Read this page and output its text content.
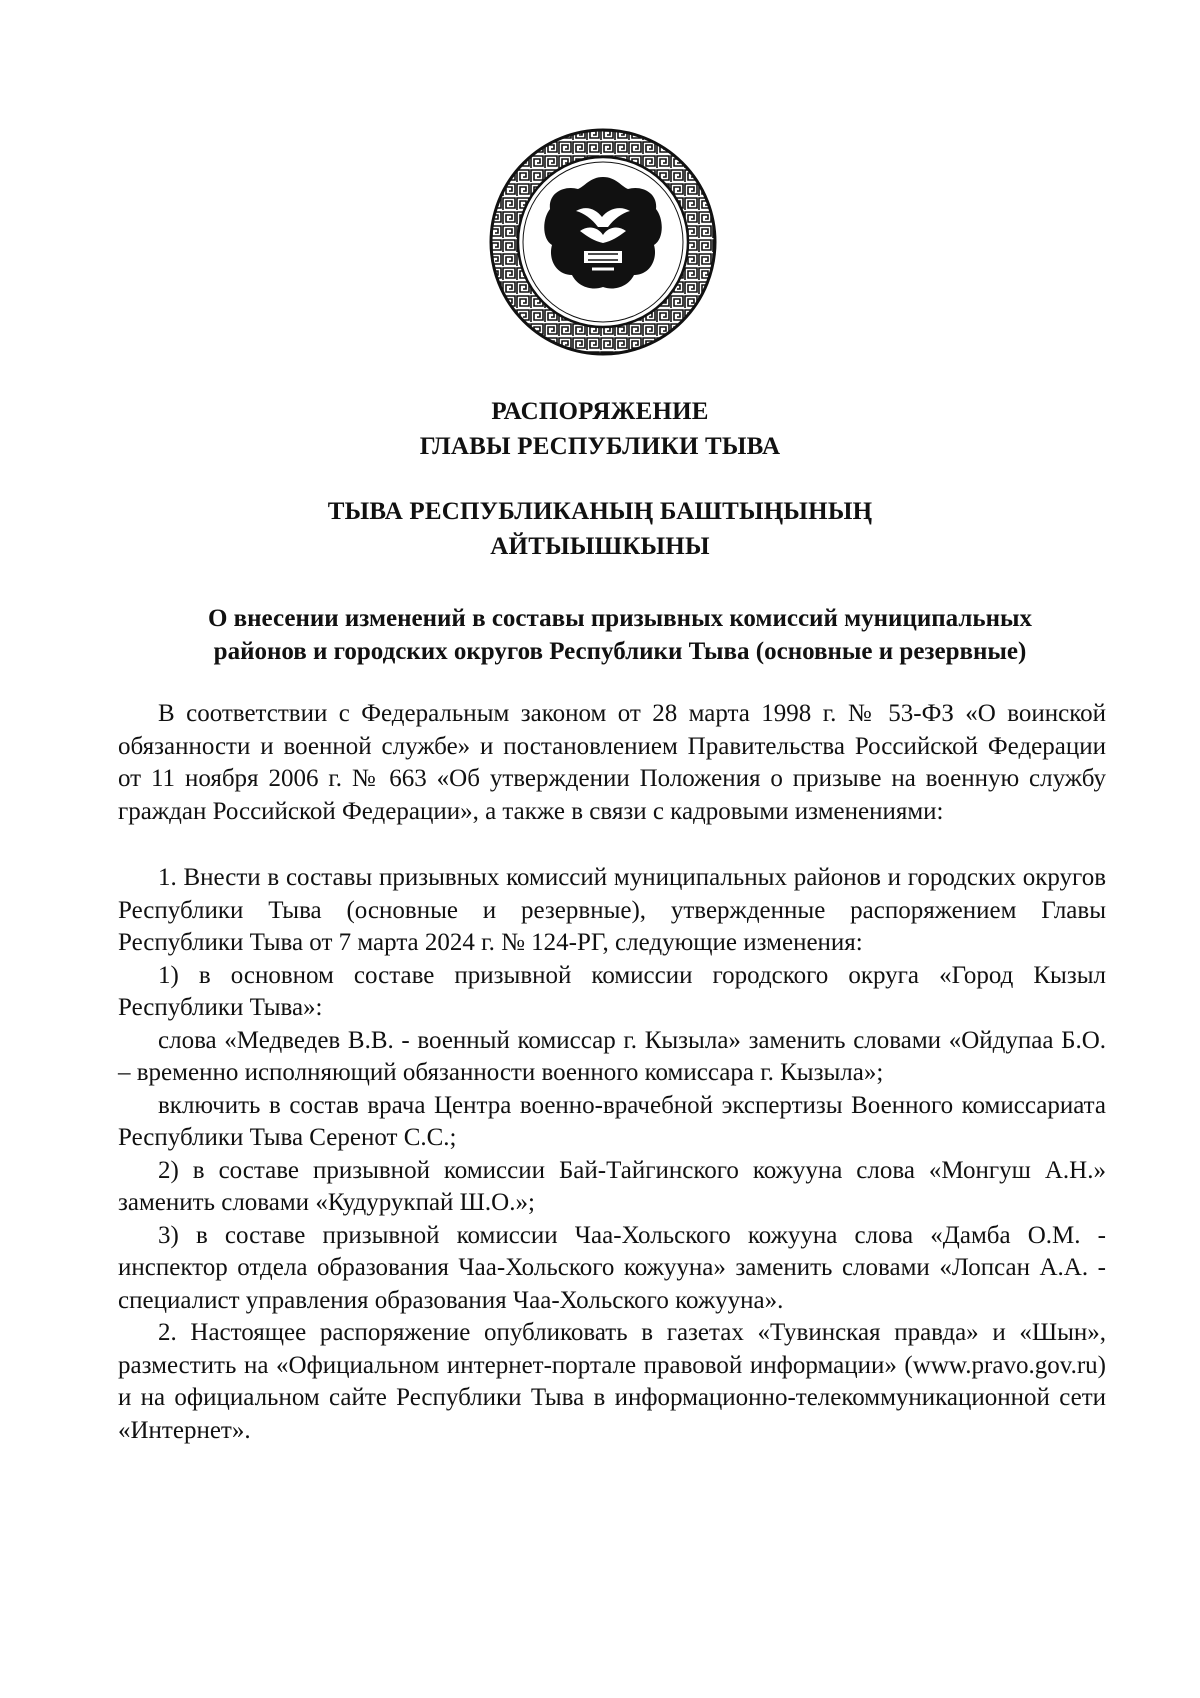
РАСПОРЯЖЕНИЕ
ГЛАВЫ РЕСПУБЛИКИ ТЫВА
ТЫВА РЕСПУБЛИКАНЫҢ БАШТЫҢЫНЫҢ
АЙТЫЫШКЫНЫ
О внесении изменений в составы призывных комиссий муниципальных
районов и городских округов Республики Тыва (основные и резервные)

В соответствии с Федеральным законом от 28 марта 1998 г. № 53-ФЗ «О воинской обязанности и военной службе» и постановлением Правительства Российской Федерации от 11 ноября 2006 г. № 663 «Об утверждении Положения о призыве на военную службу граждан Российской Федерации», а также в связи с кадровыми изменениями:

1. Внести в составы призывных комиссий муниципальных районов и городских округов Республики Тыва (основные и резервные), утвержденные распоряжением Главы Республики Тыва от 7 марта 2024 г. № 124-РГ, следующие изменения:

1) в основном составе призывной комиссии городского округа «Город Кызыл Республики Тыва»:

слова «Медведев В.В. - военный комиссар г. Кызыла» заменить словами «Ойдупаа Б.О. – временно исполняющий обязанности военного комиссара г. Кызыла»;

включить в состав врача Центра военно-врачебной экспертизы Военного комиссариата Республики Тыва Серенот С.С.;

2) в составе призывной комиссии Бай-Тайгинского кожууна слова «Монгуш А.Н.» заменить словами «Кудурукпай Ш.О.»;

3) в составе призывной комиссии Чаа-Хольского кожууна слова «Дамба О.М. - инспектор отдела образования Чаа-Хольского кожууна» заменить словами «Лопсан А.А. - специалист управления образования Чаа-Хольского кожууна».

2. Настоящее распоряжение опубликовать в газетах «Тувинская правда» и «Шын», разместить на «Официальном интернет-портале правовой информации» (www.pravo.gov.ru) и на официальном сайте Республики Тыва в информационно-телекоммуникационной сети «Интернет».
